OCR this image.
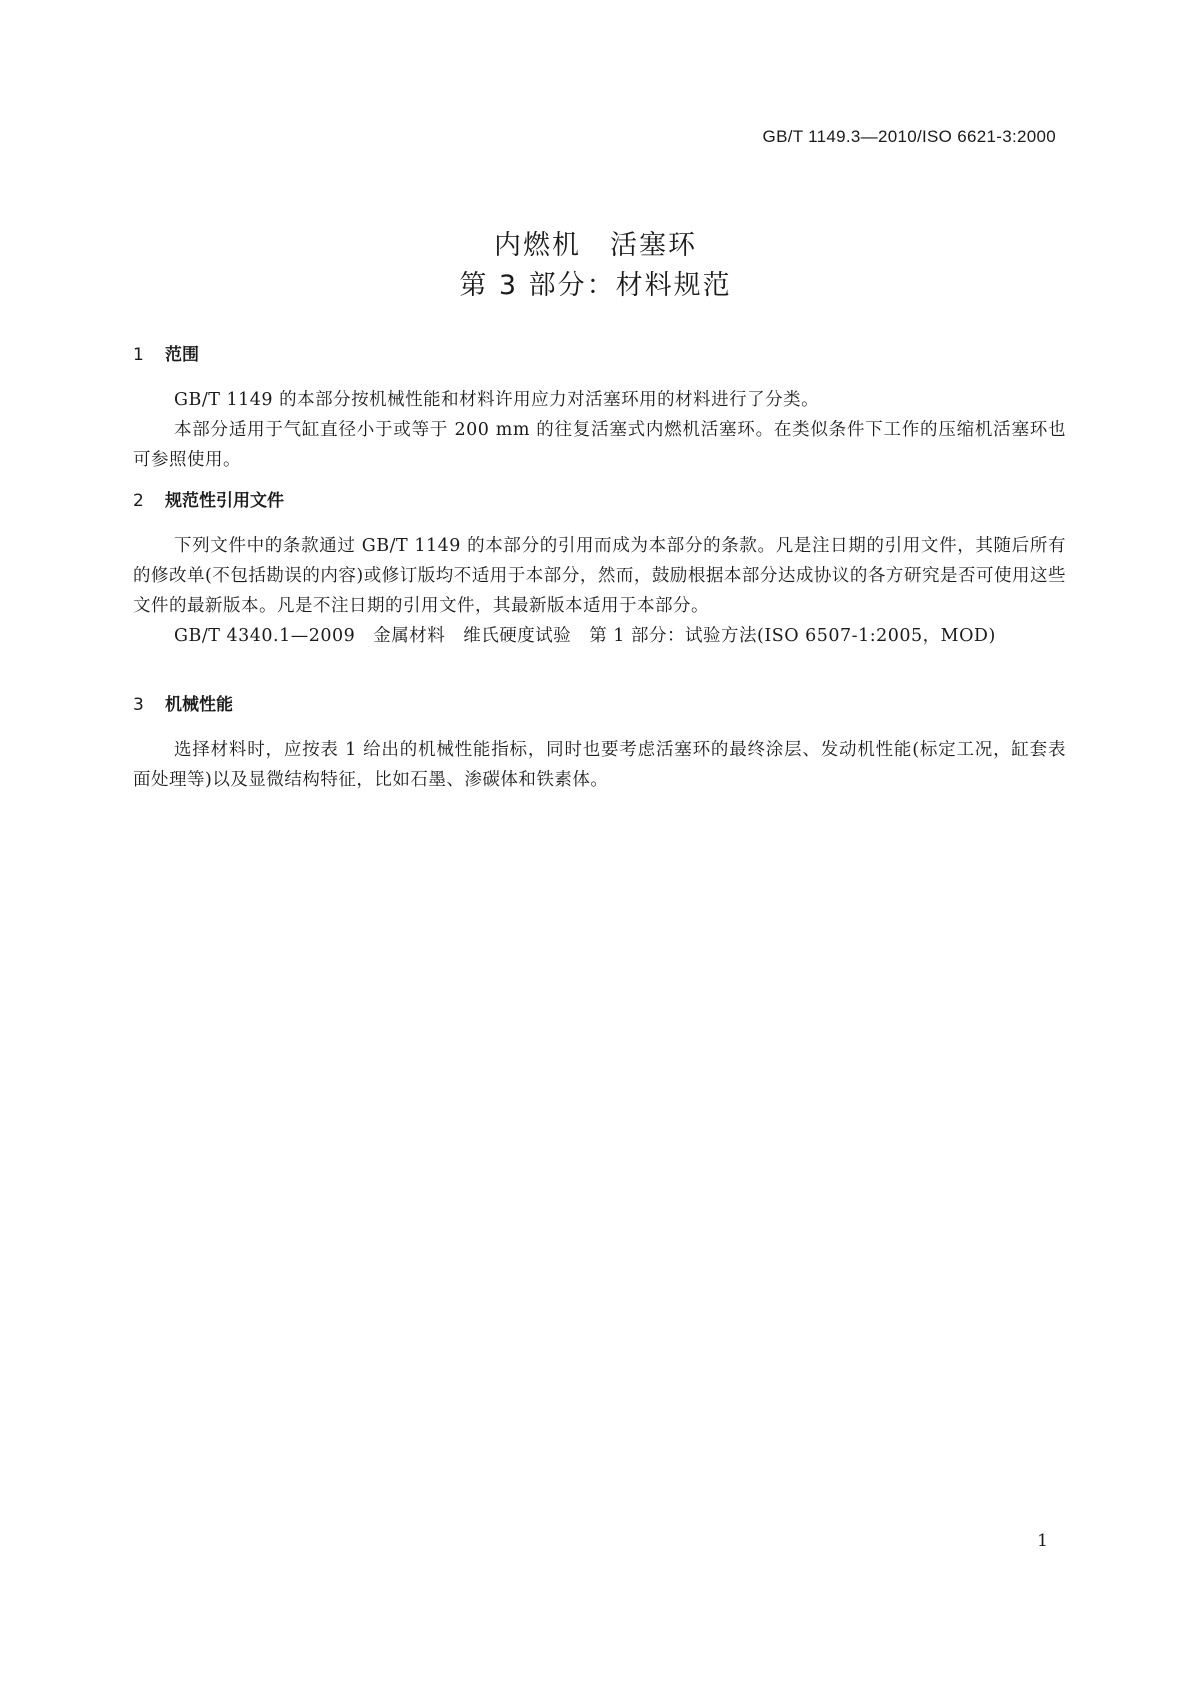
GB/T 1149.3—2010/ISO 6621-3:2000
内燃机　活塞环
第 3 部分：材料规范
1 范围

GB/T 1149 的本部分按机械性能和材料许用应力对活塞环用的材料进行了分类。

本部分适用于气缸直径小于或等于 200 mm 的往复活塞式内燃机活塞环。在类似条件下工作的压缩机活塞环也可参照使用。

2 规范性引用文件

下列文件中的条款通过 GB/T 1149 的本部分的引用而成为本部分的条款。凡是注日期的引用文件，其随后所有的修改单(不包括勘误的内容)或修订版均不适用于本部分，然而，鼓励根据本部分达成协议的各方研究是否可使用这些文件的最新版本。凡是不注日期的引用文件，其最新版本适用于本部分。

GB/T 4340.1—2009　金属材料　维氏硬度试验　第 1 部分：试验方法(ISO 6507-1:2005，MOD)

3 机械性能

选择材料时，应按表 1 给出的机械性能指标，同时也要考虑活塞环的最终涂层、发动机性能(标定工况，缸套表面处理等)以及显微结构特征，比如石墨、渗碳体和铁素体。

1
